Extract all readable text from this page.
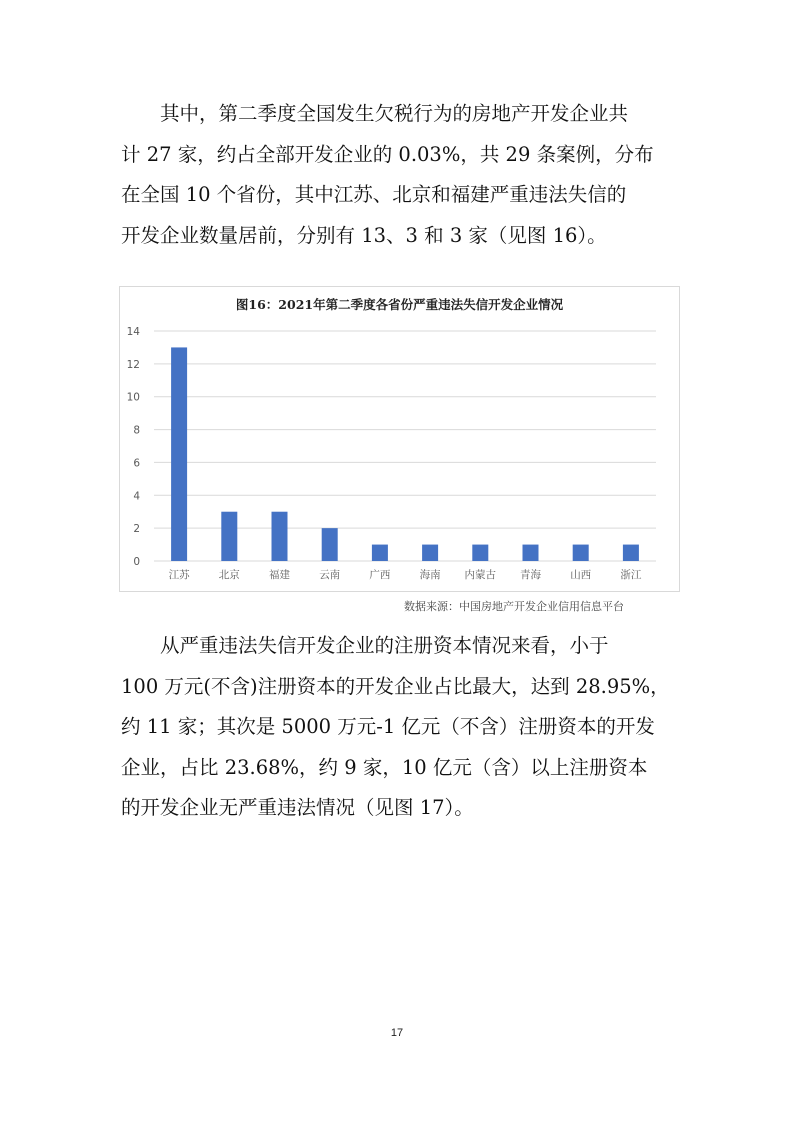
其中，第二季度全国发生欠税行为的房地产开发企业共
计 27 家，约占全部开发企业的 0.03%，共 29 条案例，分布
在全国 10 个省份，其中江苏、北京和福建严重违法失信的
开发企业数量居前，分别有 13、3 和 3 家（见图 16）。
图16：2021年第二季度各省份严重违法失信开发企业情况
0
2
4
6
8
10
12
14
江苏	北京	福建	云南	广西	海南 内蒙古 青海	山西	浙江
数据来源：中国房地产开发企业信用信息平台
从严重违法失信开发企业的注册资本情况来看，小于
100 万元(不含)注册资本的开发企业占比最大，达到 28.95%，
约 11 家；其次是 5000 万元-1 亿元（不含）注册资本的开发
企业，占比 23.68%，约 9 家，10 亿元（含）以上注册资本
的开发企业无严重违法情况（见图 17）。
17
